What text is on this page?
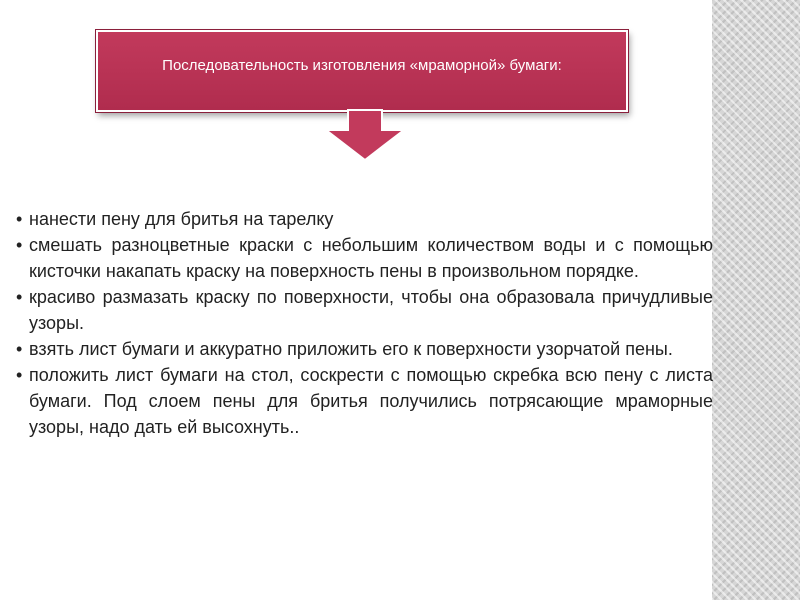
Последовательность изготовления «мраморной» бумаги:
• нанести пену для бритья на тарелку
• смешать разноцветные краски с небольшим количеством воды и с помощью кисточки накапать краску на поверхность пены в произвольном порядке.
• красиво размазать краску по поверхности, чтобы она образовала причудливые узоры.
• взять лист бумаги и аккуратно приложить его к поверхности узорчатой пены.
• положить лист бумаги на стол, соскрести с помощью скребка всю пену с листа бумаги. Под слоем пены для бритья получились потрясающие мраморные узоры, надо дать ей высохнуть..
